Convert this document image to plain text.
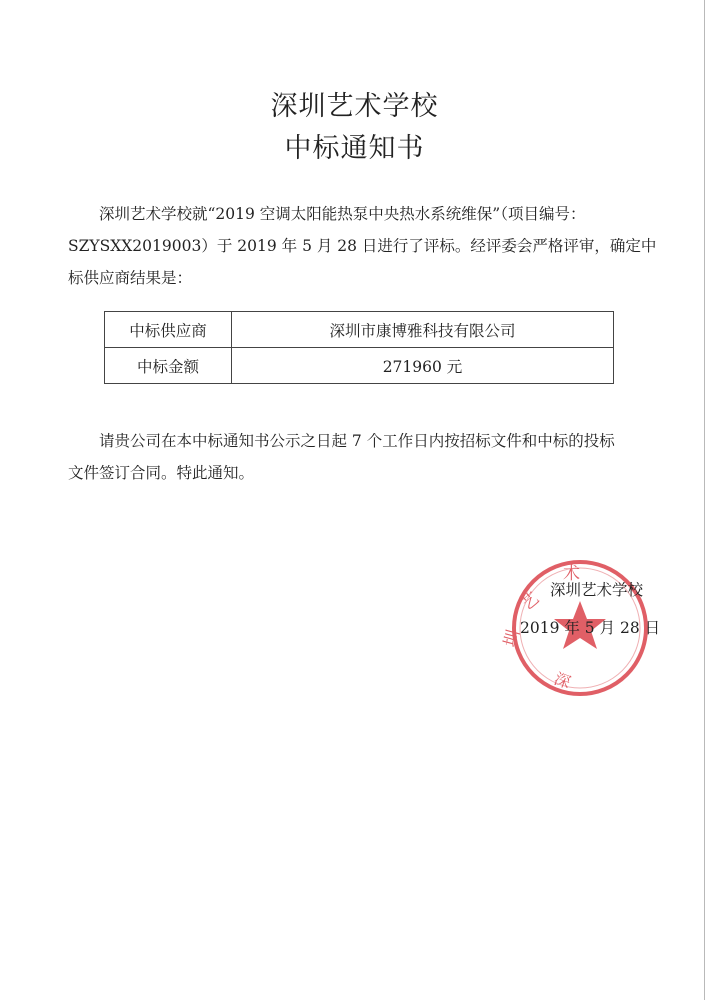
深圳艺术学校
中标通知书
深圳艺术学校就“2019 空调太阳能热泵中央热水系统维保”（项目编号：
SZYSXX2019003）于 2019 年 5 月 28 日进行了评标。经评委会严格评审，确定中
标供应商结果是：
中标供应商	深圳市康博雅科技有限公司
中标金额	271960 元
请贵公司在本中标通知书公示之日起 7 个工作日内按招标文件和中标的投标
文件签订合同。特此通知。
艺
术
圳
深
深圳艺术学校
2019 年 5 月 28 日
